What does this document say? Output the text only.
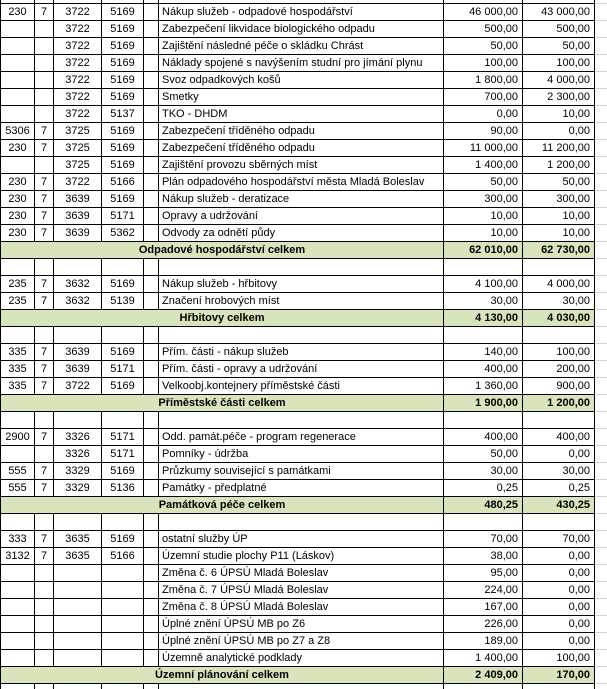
230	7	3722	5169		Nákup služeb - odpadové hospodářství	46 000,00	43 000,00	
		3722	5169		Zabezpečení likvidace biologického odpadu	500,00	500,00	
		3722	5169		Zajištění následné péče o skládku Chrást	50,00	50,00	
		3722	5169		Náklady spojené s navýšením studní pro jímání plynu	100,00	100,00	
		3722	5169		Svoz odpadkových košů	1 800,00	4 000,00	
		3722	5169		Smetky	700,00	2 300,00	
		3722	5137		TKO - DHDM	0,00	10,00	
5306	7	3725	5169		Zabezpečení tříděného odpadu	90,00	0,00	
230	7	3725	5169		Zabezpečení tříděného odpadu	11 000,00	11 200,00	
		3725	5169		Zajištění provozu sběrných míst	1 400,00	1 200,00	
230	7	3722	5166		Plán odpadového hospodářství města Mladá Boleslav	50,00	50,00	
230	7	3639	5169		Nákup služeb - deratizace	300,00	300,00	
230	7	3639	5171		Opravy a udržování	10,00	10,00	
230	7	3639	5362		Odvody za odnětí půdy	10,00	10,00	
Odpadové hospodářství celkem						62 010,00	62 730,00	

235	7	3632	5169		Nákup služeb - hřbitovy	4 100,00	4 000,00	
235	7	3632	5139		Značení hrobových míst	30,00	30,00	
Hřbitovy celkem						4 130,00	4 030,00	

335	7	3639	5169		Přím. části - nákup služeb	140,00	100,00	
335	7	3639	5171		Přím. části - opravy a udržování	400,00	200,00	
335	7	3722	5169		Velkoobj.kontejnery příměstské části	1 360,00	900,00	
Příměstské části celkem						1 900,00	1 200,00	

2900	7	3326	5171		Odd. památ.péče - program regenerace	400,00	400,00	
		3326	5171		Pomníky - údržba	50,00	0,00	
555	7	3329	5169		Průzkumy související s památkami	30,00	30,00	
555	7	3329	5136		Památky - předplatné	0,25	0,25	
Památková péče celkem						480,25	430,25	

333	7	3635	5169		ostatní služby ÚP	70,00	70,00	
3132	7	3635	5166		Územní studie plochy P11 (Láskov)	38,00	0,00	
					Změna č. 6 ÚPSÚ Mladá Boleslav	95,00	0,00	
					Změna č. 7 ÚPSÚ Mladá Boleslav	224,00	0,00	
					Změna č. 8 ÚPSÚ Mladá Boleslav	167,00	0,00	
					Úplné znění ÚPSÚ MB po Z6	226,00	0,00	
					Úplné znění ÚPSÚ MB po Z7 a Z8	189,00	0,00	
					Územně analytické podklady	1 400,00	100,00	
Územní plánování celkem						2 409,00	170,00	
